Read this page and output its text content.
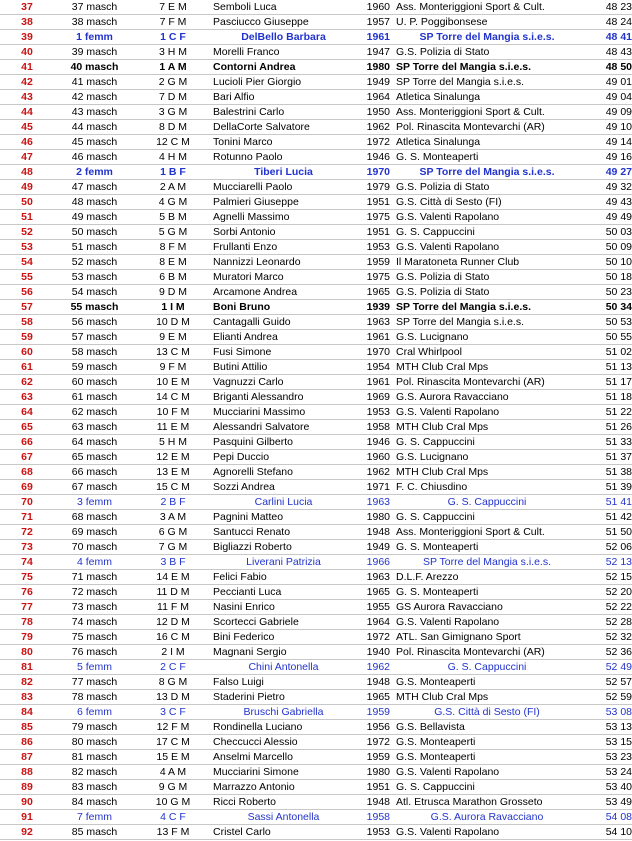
37	37 masch	7 E M	Semboli Luca	1960	Ass. Monteriggioni Sport & Cult.	48 23
38	38 masch	7 F M	Pasciucco Giuseppe	1957	U. P. Poggibonsese	48 24
39	1 femm	1 C F	DelBello Barbara	1961	SP Torre del Mangia s.i.e.s.	48 41
40	39 masch	3 H M	Morelli Franco	1947	G.S. Polizia di Stato	48 43
41	40 masch	1 A M	Contorni Andrea	1980	SP Torre del Mangia s.i.e.s.	48 50
42	41 masch	2 G M	Lucioli Pier Giorgio	1949	SP Torre del Mangia s.i.e.s.	49 01
43	42 masch	7 D M	Bari Alfio	1964	Atletica Sinalunga	49 04
44	43 masch	3 G M	Balestrini Carlo	1950	Ass. Monteriggioni Sport & Cult.	49 09
45	44 masch	8 D M	DellaCorte Salvatore	1962	Pol. Rinascita Montevarchi (AR)	49 10
46	45 masch	12 C M	Tonini Marco	1972	Atletica Sinalunga	49 14
47	46 masch	4 H M	Rotunno Paolo	1946	G. S. Monteaperti	49 16
48	2 femm	1 B F	Tiberi Lucia	1970	SP Torre del Mangia s.i.e.s.	49 27
49	47 masch	2 A M	Mucciarelli Paolo	1979	G.S. Polizia di Stato	49 32
50	48 masch	4 G M	Palmieri Giuseppe	1951	G.S. Città di Sesto (FI)	49 43
51	49 masch	5 B M	Agnelli Massimo	1975	G.S. Valenti Rapolano	49 49
52	50 masch	5 G M	Sorbi Antonio	1951	G. S. Cappuccini	50 03
53	51 masch	8 F M	Frullanti Enzo	1953	G.S. Valenti Rapolano	50 09
54	52 masch	8 E M	Nannizzi Leonardo	1959	Il Maratoneta Runner Club	50 10
55	53 masch	6 B M	Muratori Marco	1975	G.S. Polizia di Stato	50 18
56	54 masch	9 D M	Arcamone Andrea	1965	G.S. Polizia di Stato	50 23
57	55 masch	1 I M	Boni Bruno	1939	SP Torre del Mangia s.i.e.s.	50 34
58	56 masch	10 D M	Cantagalli Guido	1963	SP Torre del Mangia s.i.e.s.	50 53
59	57 masch	9 E M	Elianti Andrea	1961	G.S. Lucignano	50 55
60	58 masch	13 C M	Fusi Simone	1970	Cral Whirlpool	51 02
61	59 masch	9 F M	Butini Attilio	1954	MTH Club Cral Mps	51 13
62	60 masch	10 E M	Vagnuzzi Carlo	1961	Pol. Rinascita Montevarchi (AR)	51 17
63	61 masch	14 C M	Briganti Alessandro	1969	G.S. Aurora Ravacciano	51 18
64	62 masch	10 F M	Mucciarini Massimo	1953	G.S. Valenti Rapolano	51 22
65	63 masch	11 E M	Alessandri Salvatore	1958	MTH Club Cral Mps	51 26
66	64 masch	5 H M	Pasquini Gilberto	1946	G. S. Cappuccini	51 33
67	65 masch	12 E M	Pepi Duccio	1960	G.S. Lucignano	51 37
68	66 masch	13 E M	Agnorelli Stefano	1962	MTH Club Cral Mps	51 38
69	67 masch	15 C M	Sozzi Andrea	1971	F. C. Chiusdino	51 39
70	3 femm	2 B F	Carlini Lucia	1963	G. S. Cappuccini	51 41
71	68 masch	3 A M	Pagnini Matteo	1980	G. S. Cappuccini	51 42
72	69 masch	6 G M	Santucci Renato	1948	Ass. Monteriggioni Sport & Cult.	51 50
73	70 masch	7 G M	Bigliazzi Roberto	1949	G. S. Monteaperti	52 06
74	4 femm	3 B F	Liverani Patrizia	1966	SP Torre del Mangia s.i.e.s.	52 13
75	71 masch	14 E M	Felici Fabio	1963	D.L.F. Arezzo	52 15
76	72 masch	11 D M	Peccianti Luca	1965	G. S. Monteaperti	52 20
77	73 masch	11 F M	Nasini Enrico	1955	GS Aurora Ravacciano	52 22
78	74 masch	12 D M	Scortecci Gabriele	1964	G.S. Valenti Rapolano	52 28
79	75 masch	16 C M	Bini Federico	1972	ATL. San Gimignano Sport	52 32
80	76 masch	2 I M	Magnani Sergio	1940	Pol. Rinascita Montevarchi (AR)	52 36
81	5 femm	2 C F	Chini Antonella	1962	G. S. Cappuccini	52 49
82	77 masch	8 G M	Falso Luigi	1948	G.S. Monteaperti	52 57
83	78 masch	13 D M	Staderini Pietro	1965	MTH Club Cral Mps	52 59
84	6 femm	3 C F	Bruschi Gabriella	1959	G.S. Città di Sesto (FI)	53 08
85	79 masch	12 F M	Rondinella Luciano	1956	G.S. Bellavista	53 13
86	80 masch	17 C M	Checcucci Alessio	1972	G.S. Monteaperti	53 15
87	81 masch	15 E M	Anselmi Marcello	1959	G.S. Monteaperti	53 23
88	82 masch	4 A M	Mucciarini Simone	1980	G.S. Valenti Rapolano	53 24
89	83 masch	9 G M	Marrazzo Antonio	1951	G. S. Cappuccini	53 40
90	84 masch	10 G M	Ricci Roberto	1948	Atl. Etrusca Marathon Grosseto	53 49
91	7 femm	4 C F	Sassi Antonella	1958	G.S. Aurora Ravacciano	54 08
92	85 masch	13 F M	Cristel Carlo	1953	G.S. Valenti Rapolano	54 10
